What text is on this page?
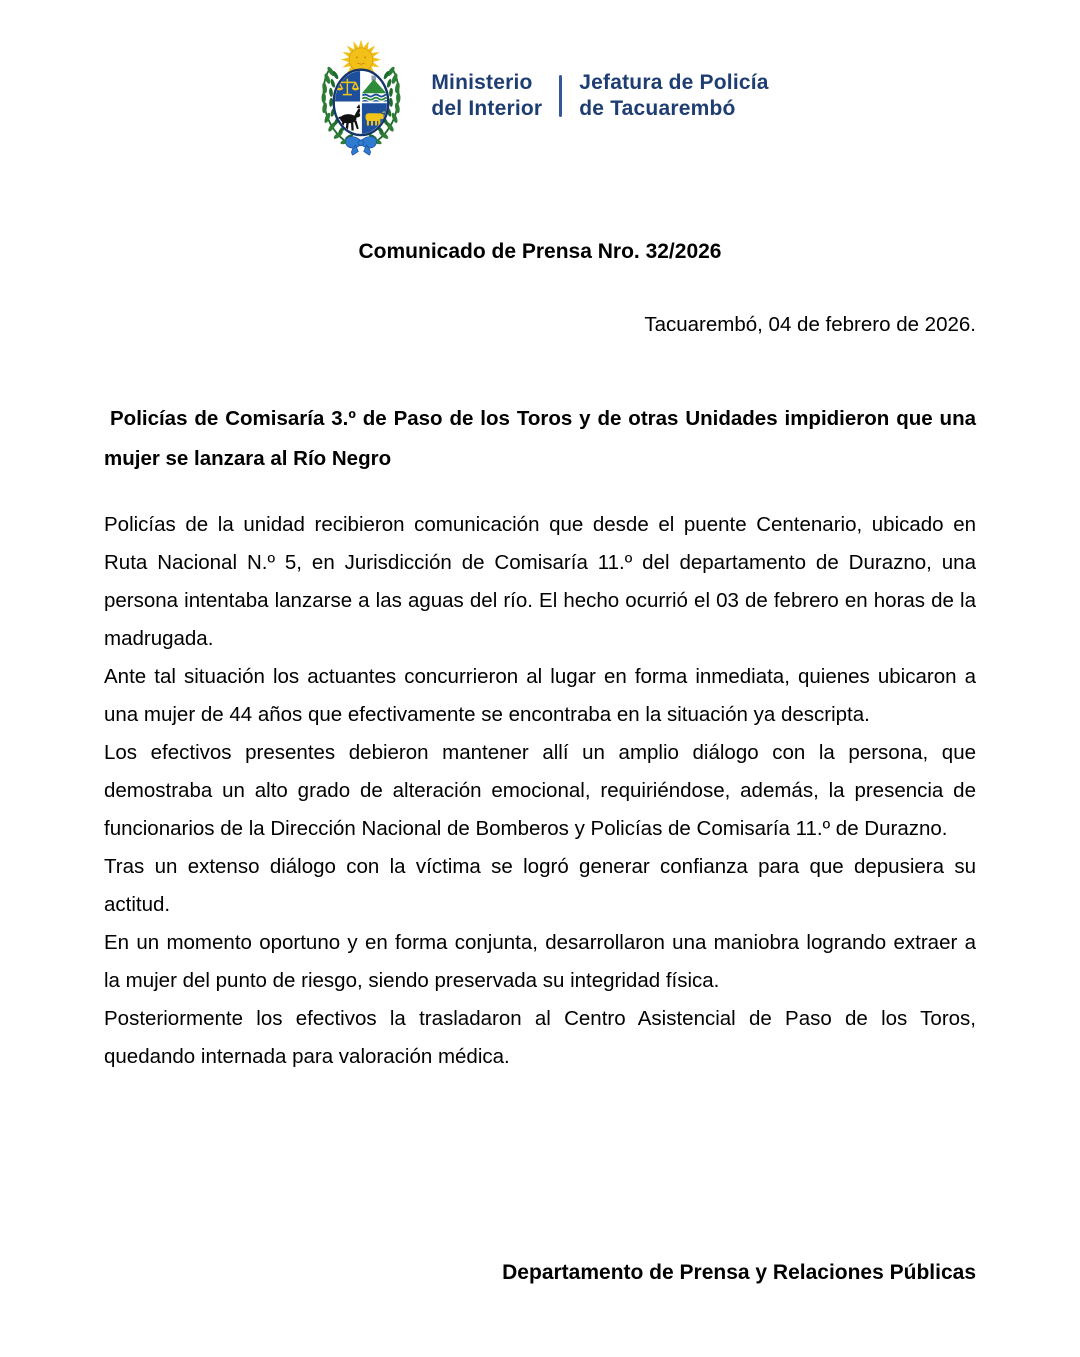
Ministerio
del Interior
Jefatura de Policía
de Tacuarembó
Comunicado de Prensa Nro. 32/2026
Tacuarembó, 04 de febrero de 2026.
Policías de Comisaría 3.º de Paso de los Toros y de otras Unidades impidieron que una mujer se lanzara al Río Negro

Policías de la unidad recibieron comunicación que desde el puente Centenario, ubicado en Ruta Nacional N.º 5, en Jurisdicción de Comisaría 11.º del departamento de Durazno, una persona intentaba lanzarse a las aguas del río. El hecho ocurrió el 03 de febrero en horas de la madrugada.

Ante tal situación los actuantes concurrieron al lugar en forma inmediata, quienes ubicaron a una mujer de 44 años que efectivamente se encontraba en la situación ya descripta.

Los efectivos presentes debieron mantener allí un amplio diálogo con la persona, que demostraba un alto grado de alteración emocional, requiriéndose, además, la presencia de funcionarios de la Dirección Nacional de Bomberos y Policías de Comisaría 11.º de Durazno.

Tras un extenso diálogo con la víctima se logró generar confianza para que depusiera su actitud.

En un momento oportuno y en forma conjunta, desarrollaron una maniobra logrando extraer a la mujer del punto de riesgo, siendo preservada su integridad física.

Posteriormente los efectivos la trasladaron al Centro Asistencial de Paso de los Toros, quedando internada para valoración médica.

Departamento de Prensa y Relaciones Públicas
